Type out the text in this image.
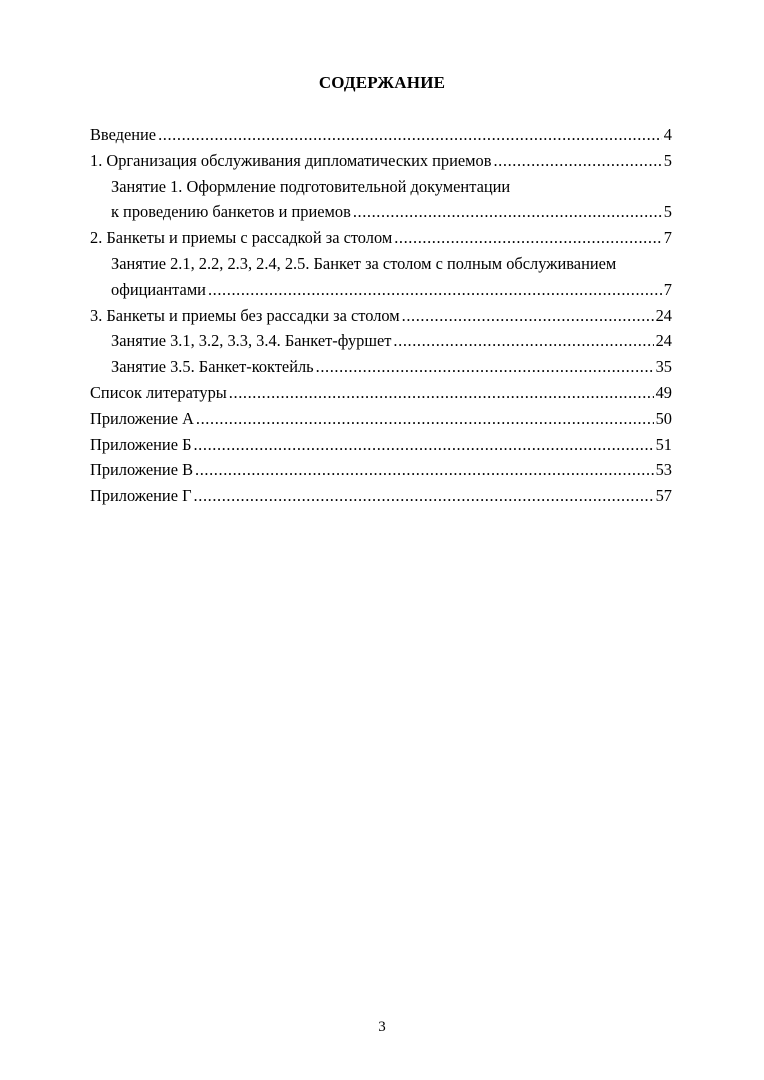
СОДЕРЖАНИЕ
Введение .....	4
1. Организация обслуживания дипломатических приемов .....	5
Занятие 1. Оформление подготовительной документации
к проведению банкетов и приемов .....	5
2. Банкеты и приемы с рассадкой за столом .....	7
Занятие 2.1, 2.2, 2.3, 2.4, 2.5. Банкет за столом с полным обслуживанием
официантами .....	7
3. Банкеты и приемы без рассадки за столом .....	24
Занятие 3.1, 3.2, 3.3, 3.4. Банкет-фуршет .....	24
Занятие 3.5. Банкет-коктейль .....	35
Список литературы .....	49
Приложение А .....	50
Приложение Б .....	51
Приложение В .....	53
Приложение Г .....	57
3
